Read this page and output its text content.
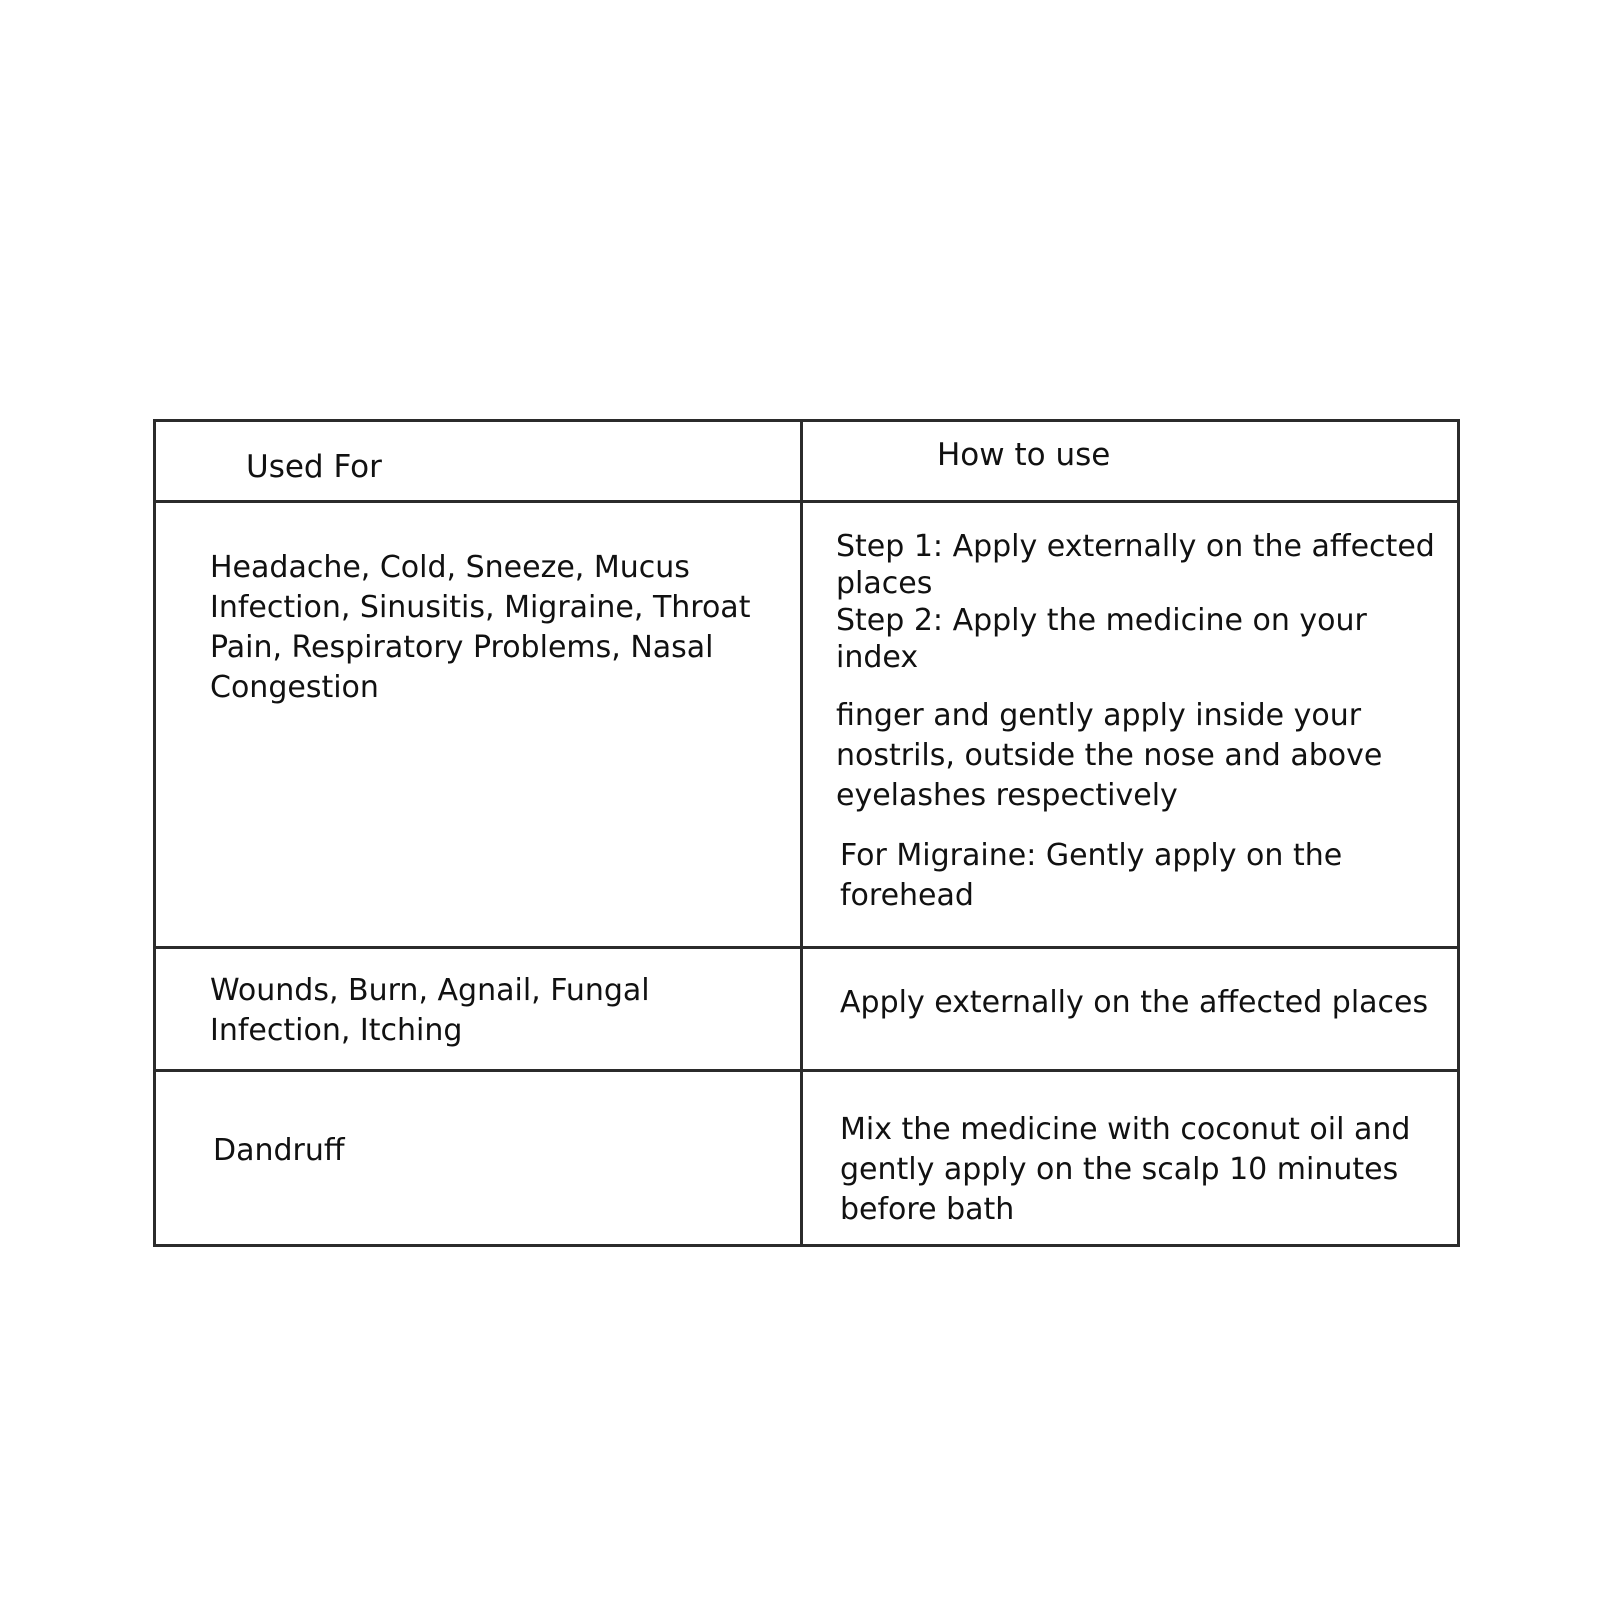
Used For	How to use
Headache, Cold, Sneeze, Mucus Infection, Sinusitis, Migraine, Throat Pain, Respiratory Problems, Nasal Congestion

Step 1: Apply externally on the affected places
Step 2: Apply the medicine on your index

finger and gently apply inside your nostrils, outside the nose and above eyelashes respectively

For Migraine: Gently apply on the forehead

Wounds, Burn, Agnail, Fungal Infection, Itching
Apply externally on the affected places
Dandruff
Mix the medicine with coconut oil and gently apply on the scalp 10 minutes before bath
